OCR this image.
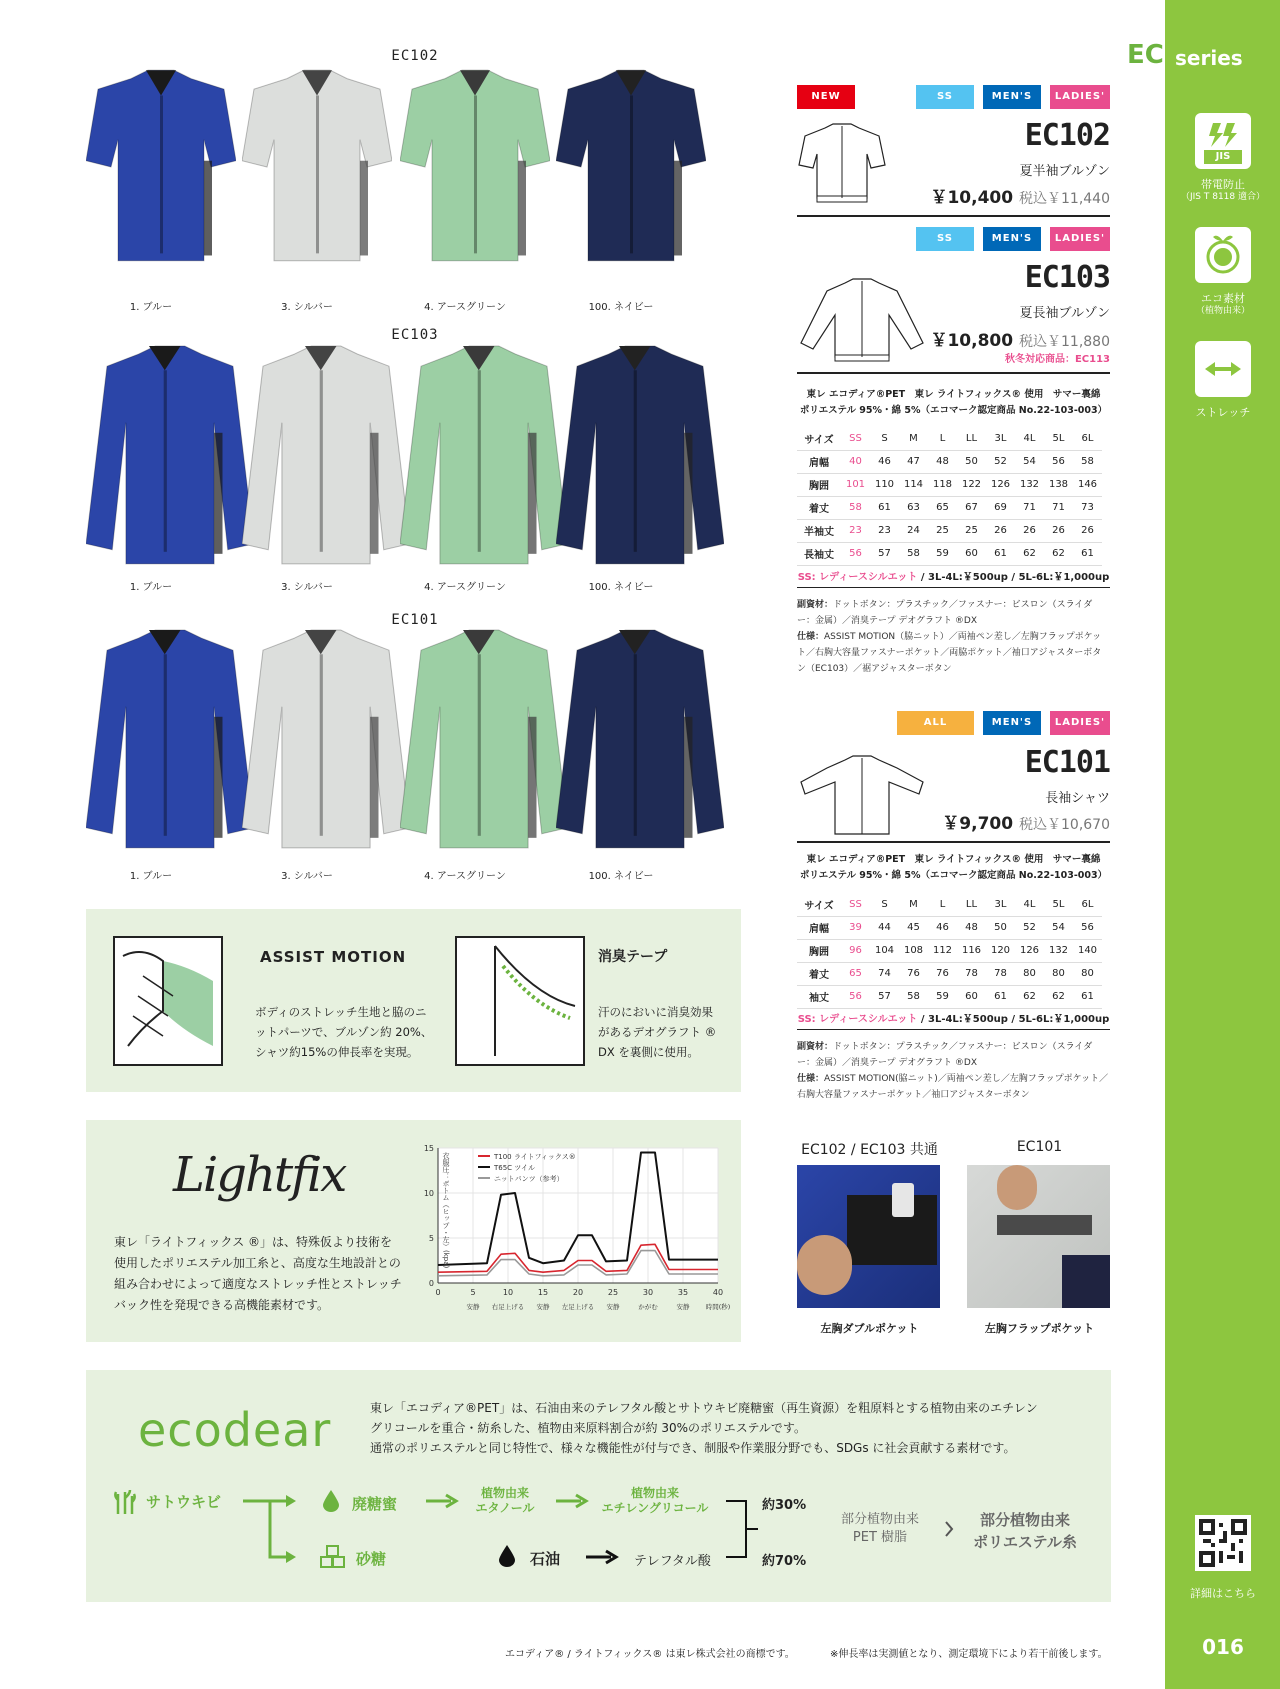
EC series
JIS
帯電防止
（JIS T 8118 適合）
エコ素材
（植物由来）
ストレッチ
詳細はこちら
016
EC102
1. ブルー	3. シルバー	4. アースグリーン	100. ネイビー
EC103
1. ブルー	3. シルバー	4. アースグリーン	100. ネイビー
EC101
1. ブルー	3. シルバー	4. アースグリーン	100. ネイビー
NEW	SS	MEN'S	LADIES'
EC102
夏半袖ブルゾン
￥10,400 税込￥11,440
SS	MEN'S	LADIES'
EC103
夏長袖ブルゾン
￥10,800 税込￥11,880
秋冬対応商品：EC113
東レ エコディア®PET　東レ ライトフィックス® 使用　サマー裏綿
ポリエステル 95%・綿 5%（エコマーク認定商品 No.22-103-003）
サイズ	SS	S	M	L	LL	3L	4L	5L	6L
肩幅	40	46	47	48	50	52	54	56	58
胸囲	101	110	114	118	122	126	132	138	146
着丈	58	61	63	65	67	69	71	71	73
半袖丈	23	23	24	25	25	26	26	26	26
長袖丈	56	57	58	59	60	61	62	62	61
SS: レディースシルエット / 3L-4L:￥500up / 5L-6L:￥1,000up
副資材：ドットボタン：プラスチック／ファスナー：ビスロン（スライダー：金属）／消臭テープ デオグラフト ®DX
仕様：ASSIST MOTION（脇ニット）／両袖ペン差し／左胸フラップポケット／右胸大容量ファスナーポケット／両脇ポケット／袖口アジャスターボタン（EC103）／裾アジャスターボタン
ALL SEASON
MEN'S	LADIES'
EC101
長袖シャツ
￥9,700 税込￥10,670
東レ エコディア®PET　東レ ライトフィックス® 使用　サマー裏綿
ポリエステル 95%・綿 5%（エコマーク認定商品 No.22-103-003）
サイズ	SS	S	M	L	LL	3L	4L	5L	6L
肩幅	39	44	45	46	48	50	52	54	56
胸囲	96	104	108	112	116	120	126	132	140
着丈	65	74	76	76	78	78	80	80	80
袖丈	56	57	58	59	60	61	62	62	61
SS: レディースシルエット / 3L-4L:￥500up / 5L-6L:￥1,000up
副資材：ドットボタン：プラスチック／ファスナー：ビスロン（スライダー：金属）／消臭テープ デオグラフト ®DX
仕様：ASSIST MOTION(脇ニット)／両袖ペン差し／左胸フラップポケット／右胸大容量ファスナーポケット／袖口アジャスターボタン
EC102 / EC103 共通	EC101
左胸ダブルポケット	左胸フラップポケット
ASSIST MOTION
ボディのストレッチ生地と脇のニットパーツで、ブルゾン約 20%、シャツ約15%の伸長率を実現。
消臭テープ
汗のにおいに消臭効果があるデオグラフト ® DX を裏側に使用。
Lightfix
東レ「ライトフィックス ®」は、特殊仮より技術を使用したポリエステル加工糸と、高度な生地設計との組み合わせによって適度なストレッチ性とストレッチバック性を発現できる高機能素材です。
0	5	10	15	20	25	30	35	40
0
5
10
15
T100 ライトフィックス®
T65C ツイル
ニットパンツ（参考）
衣服圧：ボトム（ヒップ・左）(kpa)
安静 右足上げる 安静 左足上げる 安静	かがむ	安静 時間(秒)
ecodear	東レ「エコディア®PET」は、石油由来のテレフタル酸とサトウキビ廃糖蜜（再生資源）を粗原料とする植物由来のエチレン
グリコールを重合・紡糸した、植物由来原料割合が約 30%のポリエステルです。
通常のポリエステルと同じ特性で、様々な機能性が付与でき、制服や作業服分野でも、SDGs に社会貢献する素材です。
サトウキビ	廃糖蜜
砂糖
植物由来
エタノール
植物由来
エチレングリコール
石油	テレフタル酸
約30%
約70%
部分植物由来
PET 樹脂
部分植物由来
ポリエステル糸
エコディア® / ライトフィックス® は東レ株式会社の商標です。	※伸長率は実測値となり、測定環境下により若干前後します。
